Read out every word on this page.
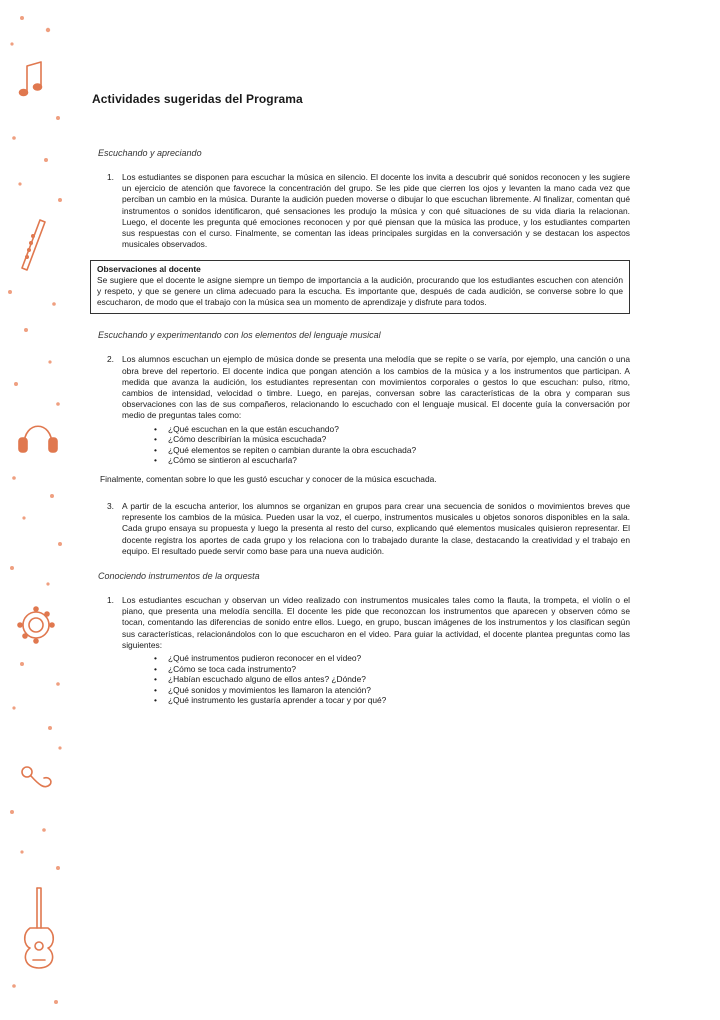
Actividades sugeridas del Programa
Escuchando y apreciando
1. Los estudiantes se disponen para escuchar la música en silencio. El docente los invita a descubrir qué sonidos reconocen y les sugiere un ejercicio de atención que favorece la concentración del grupo. Se les pide que cierren los ojos y levanten la mano cada vez que perciban un cambio en la música. Durante la audición pueden moverse o dibujar lo que escuchan libremente. Al finalizar, comentan qué instrumentos o sonidos identificaron, qué sensaciones les produjo la música y con qué situaciones de su vida diaria la relacionan. Luego, el docente les pregunta qué emociones reconocen y por qué piensan que la música las produce, y los estudiantes comparten sus respuestas con el curso. Finalmente, se comentan las ideas principales surgidas en la conversación y se destacan los aspectos musicales observados.
Observaciones al docente
Se sugiere que el docente le asigne siempre un tiempo de importancia a la audición, procurando que los estudiantes escuchen con atención y respeto, y que se genere un clima adecuado para la escucha. Es importante que, después de cada audición, se converse sobre lo que escucharon, de modo que el trabajo con la música sea un momento de aprendizaje y disfrute para todos.
Escuchando y experimentando con los elementos del lenguaje musical
2. Los alumnos escuchan un ejemplo de música donde se presenta una melodía que se repite o se varía, por ejemplo, una canción o una obra breve del repertorio. El docente indica que pongan atención a los cambios de la música y a los instrumentos que participan. A medida que avanza la audición, los estudiantes representan con movimientos corporales o gestos lo que escuchan: pulso, ritmo, cambios de intensidad, velocidad o timbre. Luego, en parejas, conversan sobre las características de la obra y comparan sus observaciones con las de sus compañeros, relacionando lo escuchado con el lenguaje musical. El docente guía la conversación por medio de preguntas tales como:
• ¿Qué escuchan en la que están escuchando?
• ¿Cómo describirían la música escuchada?
• ¿Qué elementos se repiten o cambian durante la obra escuchada?
• ¿Cómo se sintieron al escucharla?
Finalmente, comentan sobre lo que les gustó escuchar y conocer de la música escuchada.
3. A partir de la escucha anterior, los alumnos se organizan en grupos para crear una secuencia de sonidos o movimientos breves que represente los cambios de la música. Pueden usar la voz, el cuerpo, instrumentos musicales u objetos sonoros disponibles en la sala. Cada grupo ensaya su propuesta y luego la presenta al resto del curso, explicando qué elementos musicales quisieron representar. El docente registra los aportes de cada grupo y los relaciona con lo trabajado durante la clase, destacando la creatividad y el trabajo en equipo. El resultado puede servir como base para una nueva audición.
Conociendo instrumentos de la orquesta
1. Los estudiantes escuchan y observan un video realizado con instrumentos musicales tales como la flauta, la trompeta, el violín o el piano, que presenta una melodía sencilla. El docente les pide que reconozcan los instrumentos que aparecen y observen cómo se tocan, comentando las diferencias de sonido entre ellos. Luego, en grupo, buscan imágenes de los instrumentos y los clasifican según sus características, relacionándolos con lo que escucharon en el video. Para guiar la actividad, el docente plantea preguntas como las siguientes:
• ¿Qué instrumentos pudieron reconocer en el video?
• ¿Cómo se toca cada instrumento?
• ¿Habían escuchado alguno de ellos antes? ¿Dónde?
• ¿Qué sonidos y movimientos les llamaron la atención?
• ¿Qué instrumento les gustaría aprender a tocar y por qué?
